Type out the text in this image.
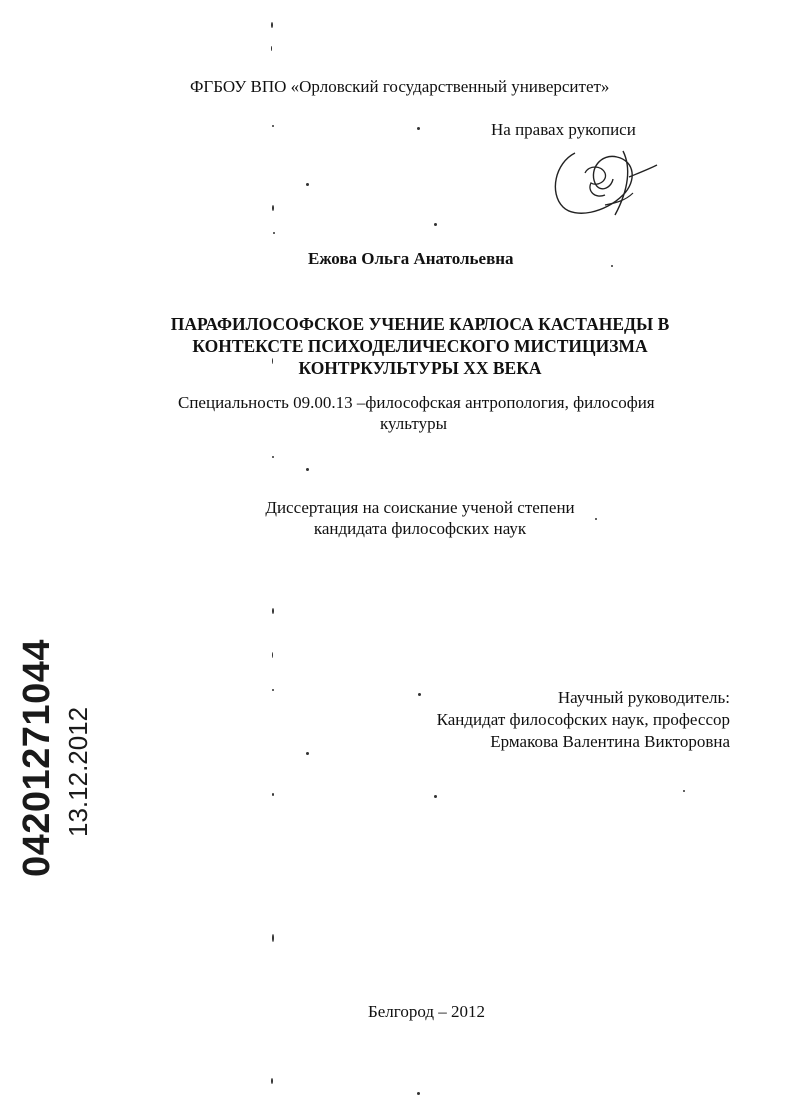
04201271044 13.12.2012
ФГБОУ ВПО «Орловский государственный университет»
На правах рукописи
Ежова Ольга Анатольевна
ПАРАФИЛОСОФСКОЕ УЧЕНИЕ КАРЛОСА КАСТАНЕДЫ В
КОНТЕКСТЕ ПСИХОДЕЛИЧЕСКОГО МИСТИЦИЗМА
КОНТРКУЛЬТУРЫ XX ВЕКА
Специальность 09.00.13 –философская антропология, философия
культуры
Диссертация на соискание ученой степени
кандидата философских наук
Научный руководитель:
Кандидат философских наук, профессор
Ермакова Валентина Викторовна
Белгород – 2012
